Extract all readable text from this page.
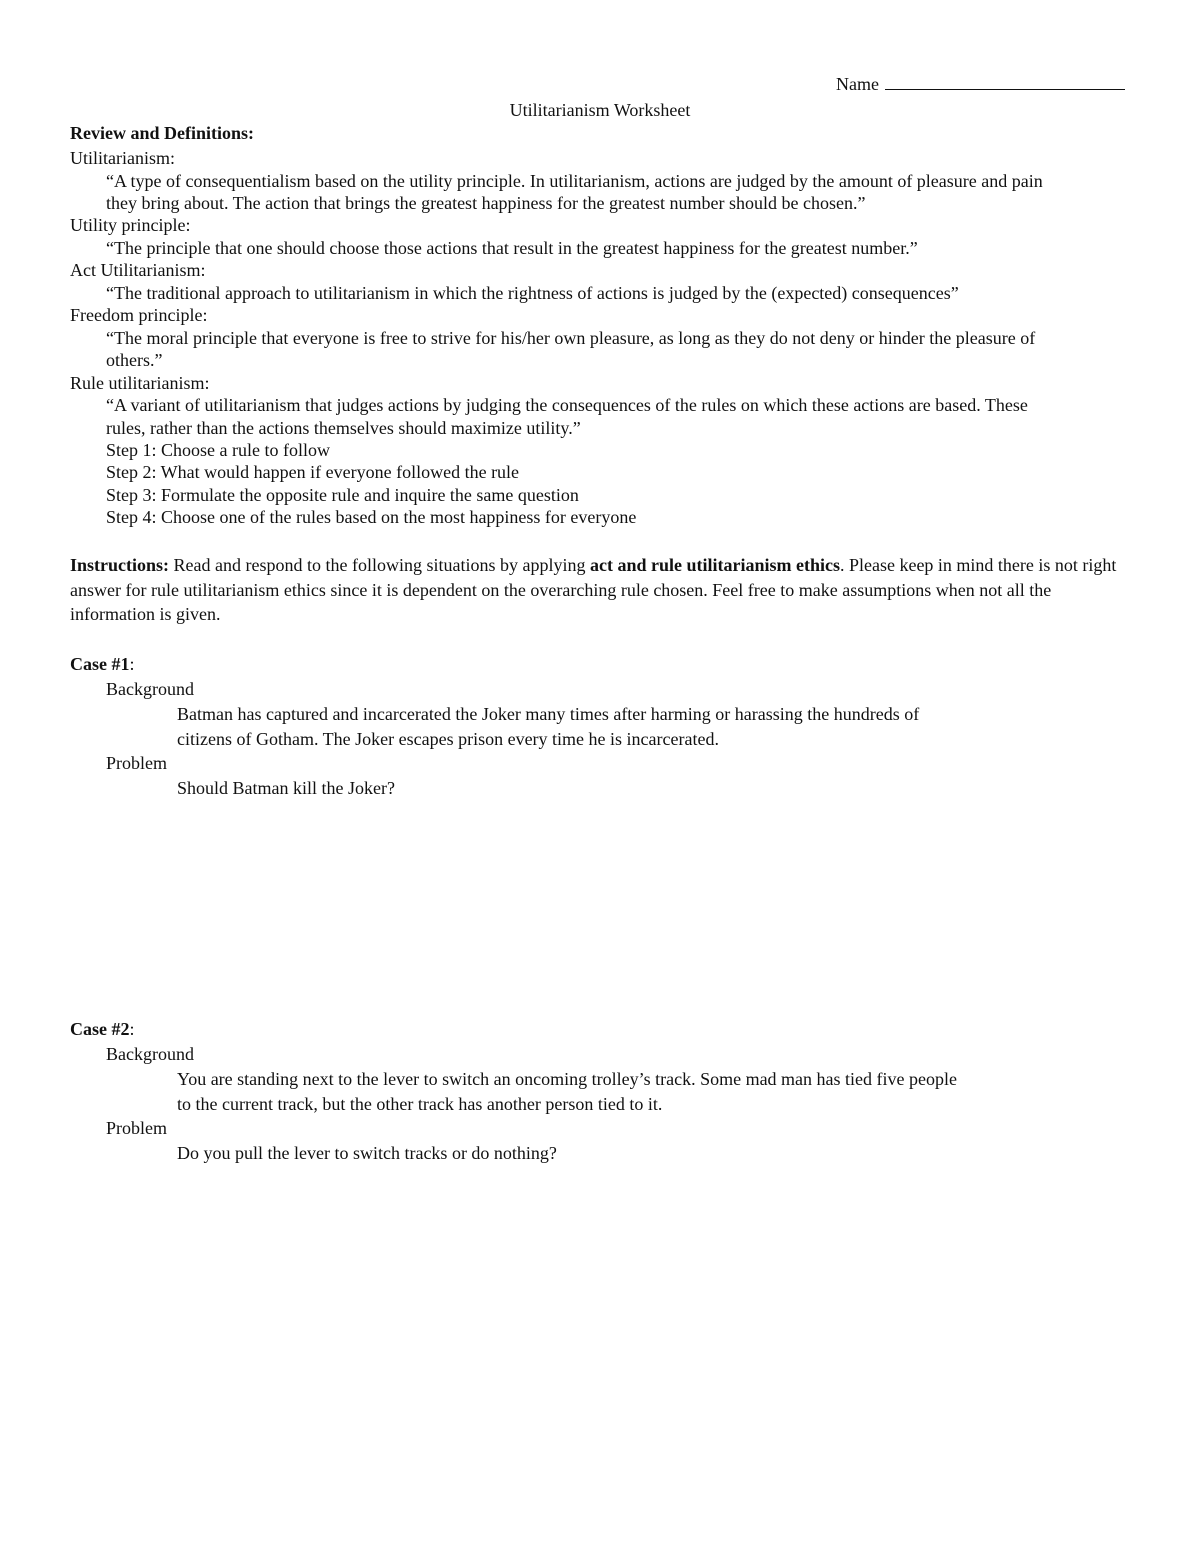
Name
Utilitarianism Worksheet
Review and Definitions:
Utilitarianism:
“A type of consequentialism based on the utility principle. In utilitarianism, actions are judged by the amount of pleasure and pain
they bring about. The action that brings the greatest happiness for the greatest number should be chosen.”
Utility principle:
“The principle that one should choose those actions that result in the greatest happiness for the greatest number.”
Act Utilitarianism:
“The traditional approach to utilitarianism in which the rightness of actions is judged by the (expected) consequences”
Freedom principle:
“The moral principle that everyone is free to strive for his/her own pleasure, as long as they do not deny or hinder the pleasure of
others.”
Rule utilitarianism:
“A variant of utilitarianism that judges actions by judging the consequences of the rules on which these actions are based. These
rules, rather than the actions themselves should maximize utility.”
Step 1: Choose a rule to follow
Step 2: What would happen if everyone followed the rule
Step 3: Formulate the opposite rule and inquire the same question
Step 4: Choose one of the rules based on the most happiness for everyone
Instructions: Read and respond to the following situations by applying act and rule utilitarianism ethics. Please keep in mind there is not right answer for rule utilitarianism ethics since it is dependent on the overarching rule chosen. Feel free to make assumptions when not all the information is given.
Case #1:
Background
Batman has captured and incarcerated the Joker many times after harming or harassing the hundreds of
citizens of Gotham. The Joker escapes prison every time he is incarcerated.
Problem
Should Batman kill the Joker?
Case #2:
Background
You are standing next to the lever to switch an oncoming trolley’s track. Some mad man has tied five people
to the current track, but the other track has another person tied to it.
Problem
Do you pull the lever to switch tracks or do nothing?
